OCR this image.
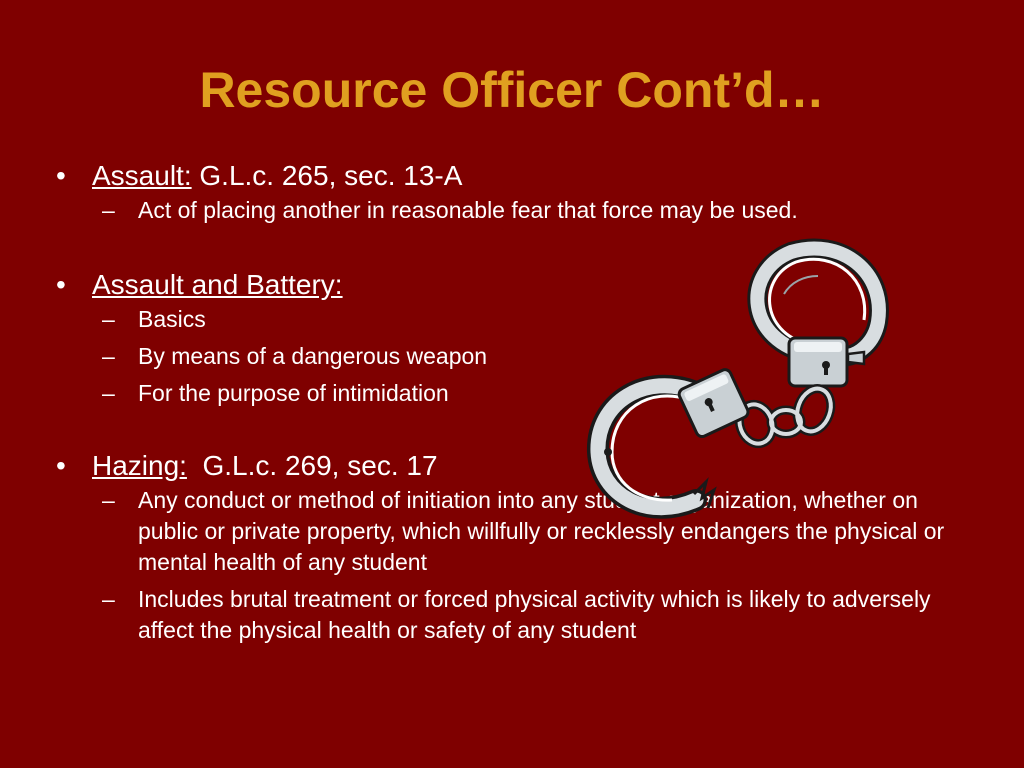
Resource Officer Cont’d…
• Assault: G.L.c. 265, sec. 13-A
– Act of placing another in reasonable fear that force may be used.
• Assault and Battery:
– Basics
– By means of a dangerous weapon
– For the purpose of intimidation
• Hazing:  G.L.c. 269, sec. 17
– Any conduct or method of initiation into any student organization, whether on public or private property, which willfully or recklessly endangers the physical or mental health of any student
– Includes brutal treatment or forced physical activity which is likely to adversely affect the physical health or safety of any student
